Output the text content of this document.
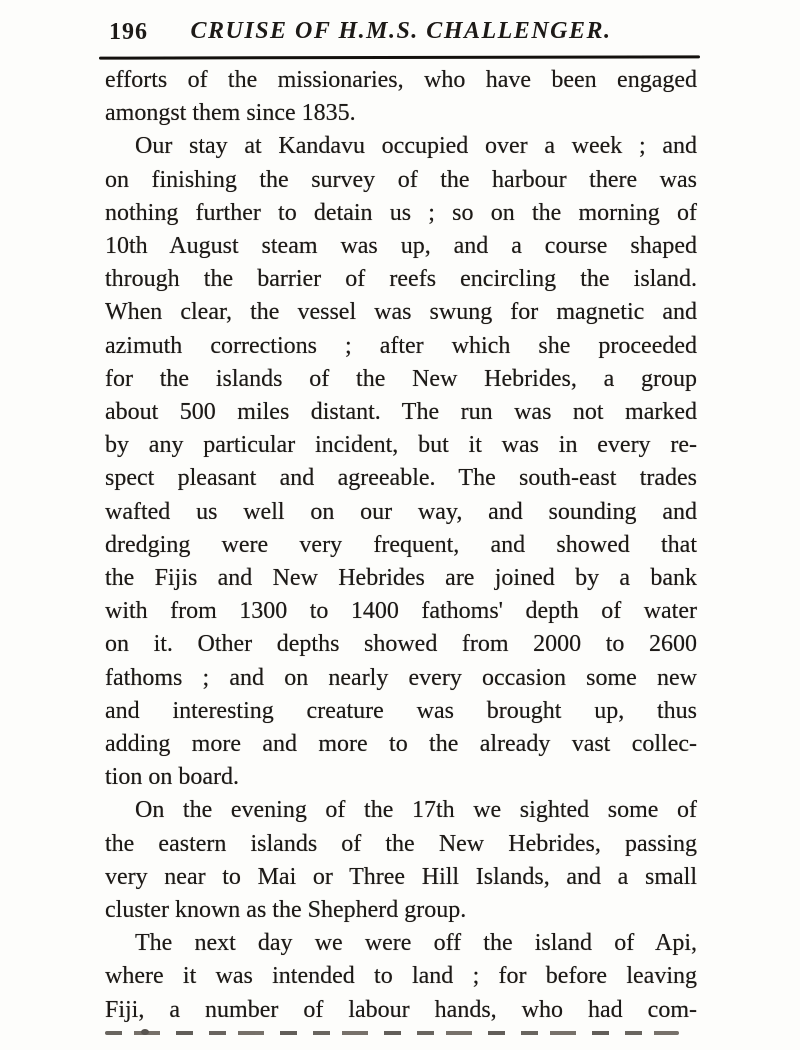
196	CRUISE OF H.M.S. CHALLENGER.
efforts of the missionaries, who have been engaged
amongst them since 1835.
Our stay at Kandavu occupied over a week ; and
on finishing the survey of the harbour there was
nothing further to detain us ; so on the morning of
10th August steam was up, and a course shaped
through the barrier of reefs encircling the island.
When clear, the vessel was swung for magnetic and
azimuth corrections ; after which she proceeded
for the islands of the New Hebrides, a group
about 500 miles distant. The run was not marked
by any particular incident, but it was in every re-
spect pleasant and agreeable. The south-east trades
wafted us well on our way, and sounding and
dredging were very frequent, and showed that
the Fijis and New Hebrides are joined by a bank
with from 1300 to 1400 fathoms' depth of water
on it. Other depths showed from 2000 to 2600
fathoms ; and on nearly every occasion some new
and interesting creature was brought up, thus
adding more and more to the already vast collec-
tion on board.
On the evening of the 17th we sighted some of
the eastern islands of the New Hebrides, passing
very near to Mai or Three Hill Islands, and a small
cluster known as the Shepherd group.
The next day we were off the island of Api,
where it was intended to land ; for before leaving
Fiji, a number of labour hands, who had com-
